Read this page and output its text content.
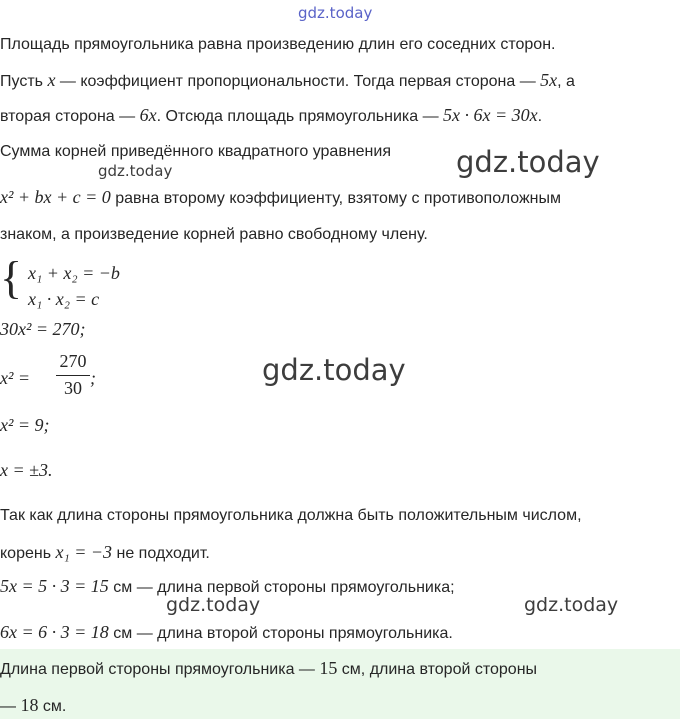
gdz.today
gdz.today
gdz.today
gdz.today
gdz.today	gdz.today
Площадь прямоугольника равна произведению длин его соседних сторон.
Пусть x — коэффициент пропорциональности. Тогда первая сторона — 5x, а
вторая сторона — 6x. Отсюда площадь прямоугольника — 5x · 6x = 30x.
Сумма корней приведённого квадратного уравнения
x² + bx + c = 0 равна второму коэффициенту, взятому с противоположным
знаком, а произведение корней равно свободному члену.
{ x₁ + x₂ = −b
x₁ · x₂ = c
30x² = 270;
x² =
270
30 ;
x² = 9;
x = ±3.
Так как длина стороны прямоугольника должна быть положительным числом,
корень x₁ = −3 не подходит.
5x = 5 · 3 = 15 см — длина первой стороны прямоугольника;
6x = 6 · 3 = 18 см — длина второй стороны прямоугольника.
Длина первой стороны прямоугольника — 15 см, длина второй стороны
— 18 см.
